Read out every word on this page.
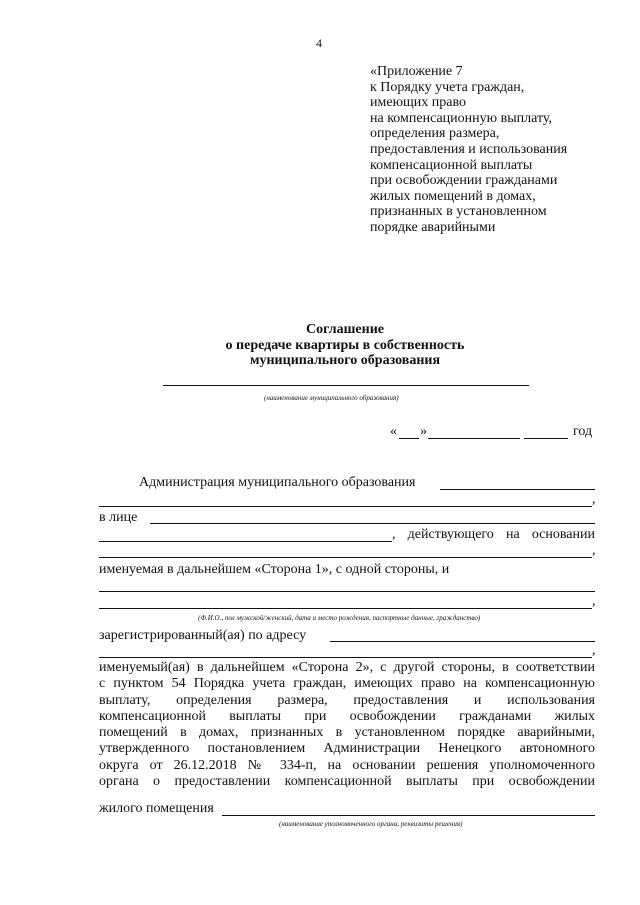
4
«Приложение 7
к Порядку учета граждан,
имеющих право
на компенсационную выплату,
определения размера,
предоставления и использования
компенсационной выплаты
при освобождении гражданами
жилых помещений в домах,
признанных в установленном
порядке аварийными
Соглашение
о передаче квартиры в собственность
муниципального образования
(наименование муниципального образования)
« »	год
Администрация муниципального образования
,
в лице
, действующего на основании
,
именуемая в дальнейшем «Сторона 1», с одной стороны, и
,
(Ф.И.О., пол мужской/женский, дата и место рождения, паспортные данные, гражданство)
зарегистрированный(ая) по адресу
,
именуемый(ая) в дальнейшем «Сторона 2», с другой стороны, в соответствии
с пунктом 54 Порядка учета граждан, имеющих право на компенсационную
выплату, определения размера, предоставления и использования
компенсационной выплаты при освобождении гражданами жилых
помещений в домах, признанных в установленном порядке аварийными,
утвержденного постановлением Администрации Ненецкого автономного
округа от 26.12.2018 № 334-п, на основании решения уполномоченного
органа о предоставлении компенсационной выплаты при освобождении
жилого помещения
(наименование уполномоченного органа, реквизиты решения)
